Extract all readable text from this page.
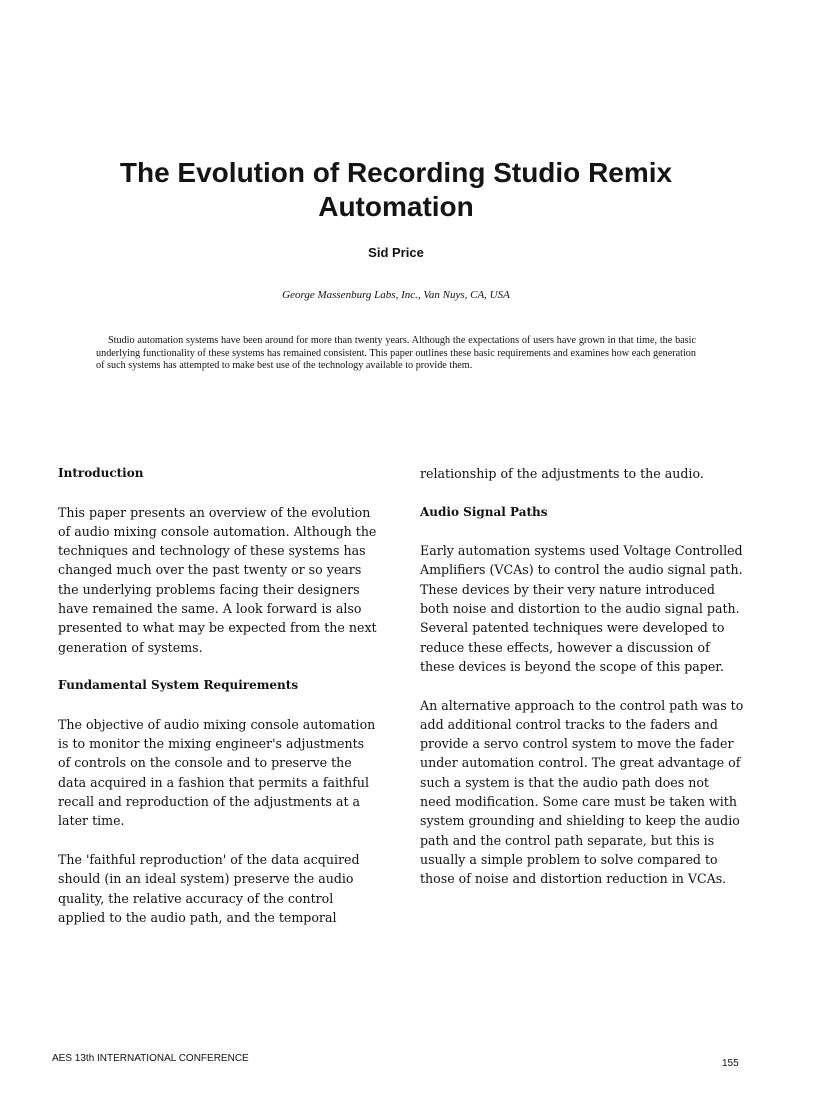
The Evolution of Recording Studio Remix Automation
Sid Price
George Massenburg Labs, Inc., Van Nuys, CA, USA
Studio automation systems have been around for more than twenty years. Although the expectations of users have grown in that time, the basic underlying functionality of these systems has remained consistent. This paper outlines these basic requirements and examines how each generation of such systems has attempted to make best use of the technology available to provide them.
Introduction

This paper presents an overview of the evolution of audio mixing console automation. Although the techniques and technology of these systems has changed much over the past twenty or so years the underlying problems facing their designers have remained the same. A look forward is also presented to what may be expected from the next generation of systems.

Fundamental System Requirements

The objective of audio mixing console automation is to monitor the mixing engineer's adjustments of controls on the console and to preserve the data acquired in a fashion that permits a faithful recall and reproduction of the adjustments at a later time.

The 'faithful reproduction' of the data acquired should (in an ideal system) preserve the audio quality, the relative accuracy of the control applied to the audio path, and the temporal

relationship of the adjustments to the audio.

Audio Signal Paths

Early automation systems used Voltage Controlled Amplifiers (VCAs) to control the audio signal path. These devices by their very nature introduced both noise and distortion to the audio signal path. Several patented techniques were developed to reduce these effects, however a discussion of these devices is beyond the scope of this paper.

An alternative approach to the control path was to add additional control tracks to the faders and provide a servo control system to move the fader under automation control. The great advantage of such a system is that the audio path does not need modification. Some care must be taken with system grounding and shielding to keep the audio path and the control path separate, but this is usually a simple problem to solve compared to those of noise and distortion reduction in VCAs.

AES 13th INTERNATIONAL CONFERENCE	155
